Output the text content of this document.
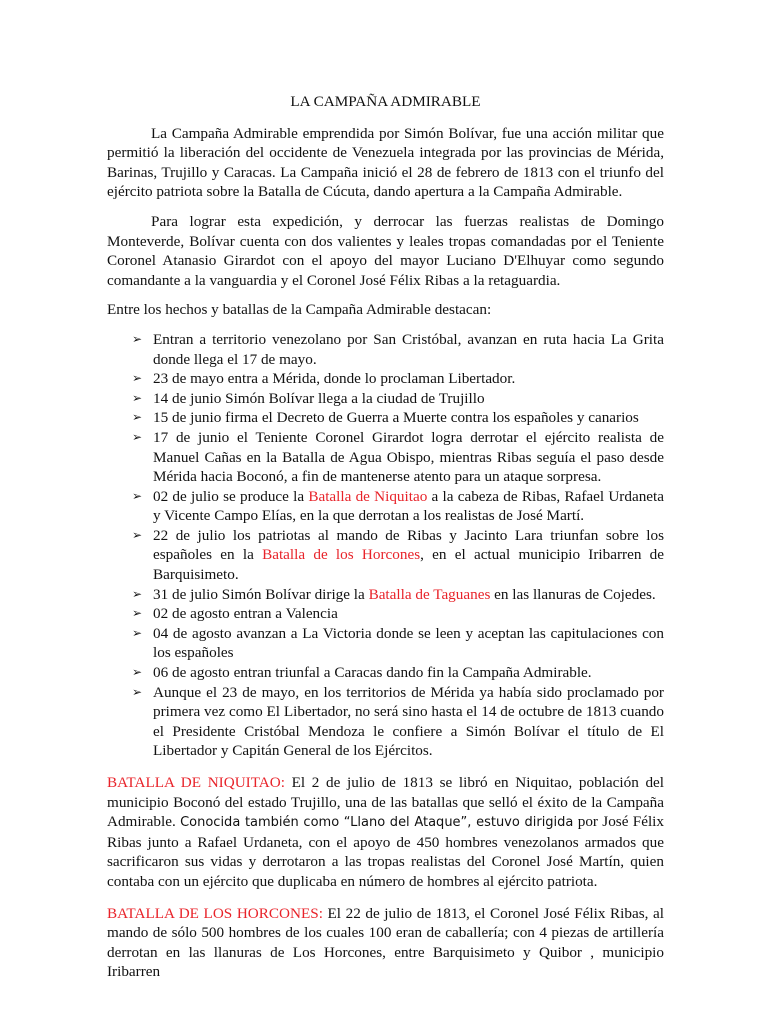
LA CAMPAÑA ADMIRABLE

La Campaña Admirable emprendida por Simón Bolívar, fue una acción militar que permitió la liberación del occidente de Venezuela integrada por las provincias de Mérida, Barinas, Trujillo y Caracas. La Campaña inició el 28 de febrero de 1813 con el triunfo del ejército patriota sobre la Batalla de Cúcuta, dando apertura a la Campaña Admirable.

Para lograr esta expedición, y derrocar las fuerzas realistas de Domingo Monteverde, Bolívar cuenta con dos valientes y leales tropas comandadas por el Teniente Coronel Atanasio Girardot con el apoyo del mayor Luciano D'Elhuyar como segundo comandante a la vanguardia y el Coronel José Félix Ribas a la retaguardia.

Entre los hechos y batallas de la Campaña Admirable destacan:

➢ Entran a territorio venezolano por San Cristóbal, avanzan en ruta hacia La Grita donde llega el 17 de mayo.
➢ 23 de mayo entra a Mérida, donde lo proclaman Libertador.
➢ 14 de junio Simón Bolívar llega a la ciudad de Trujillo
➢ 15 de junio firma el Decreto de Guerra a Muerte contra los españoles y canarios
➢ 17 de junio el Teniente Coronel Girardot logra derrotar el ejército realista de Manuel Cañas en la Batalla de Agua Obispo, mientras Ribas seguía el paso desde Mérida hacia Boconó, a fin de mantenerse atento para un ataque sorpresa.
➢ 02 de julio se produce la Batalla de Niquitao a la cabeza de Ribas, Rafael Urdaneta y Vicente Campo Elías, en la que derrotan a los realistas de José Martí.
➢ 22 de julio los patriotas al mando de Ribas y Jacinto Lara triunfan sobre los españoles en la Batalla de los Horcones, en el actual municipio Iribarren de Barquisimeto.
➢ 31 de julio Simón Bolívar dirige la Batalla de Taguanes en las llanuras de Cojedes.
➢ 02 de agosto entran a Valencia
➢ 04 de agosto avanzan a La Victoria donde se leen y aceptan las capitulaciones con los españoles
➢ 06 de agosto entran triunfal a Caracas dando fin la Campaña Admirable.
➢ Aunque el 23 de mayo, en los territorios de Mérida ya había sido proclamado por primera vez como El Libertador, no será sino hasta el 14 de octubre de 1813 cuando el Presidente Cristóbal Mendoza le confiere a Simón Bolívar el título de El Libertador y Capitán General de los Ejércitos.

BATALLA DE NIQUITAO: El 2 de julio de 1813 se libró en Niquitao, población del municipio Boconó del estado Trujillo, una de las batallas que selló el éxito de la Campaña Admirable. Conocida también como “Llano del Ataque”, estuvo dirigida por José Félix Ribas junto a Rafael Urdaneta, con el apoyo de 450 hombres venezolanos armados que sacrificaron sus vidas y derrotaron a las tropas realistas del Coronel José Martín, quien contaba con un ejército que duplicaba en número de hombres al ejército patriota.

BATALLA DE LOS HORCONES: El 22 de julio de 1813, el Coronel José Félix Ribas, al mando de sólo 500 hombres de los cuales 100 eran de caballería; con 4 piezas de artillería derrotan en las llanuras de Los Horcones, entre Barquisimeto y Quibor , municipio Iribarren
